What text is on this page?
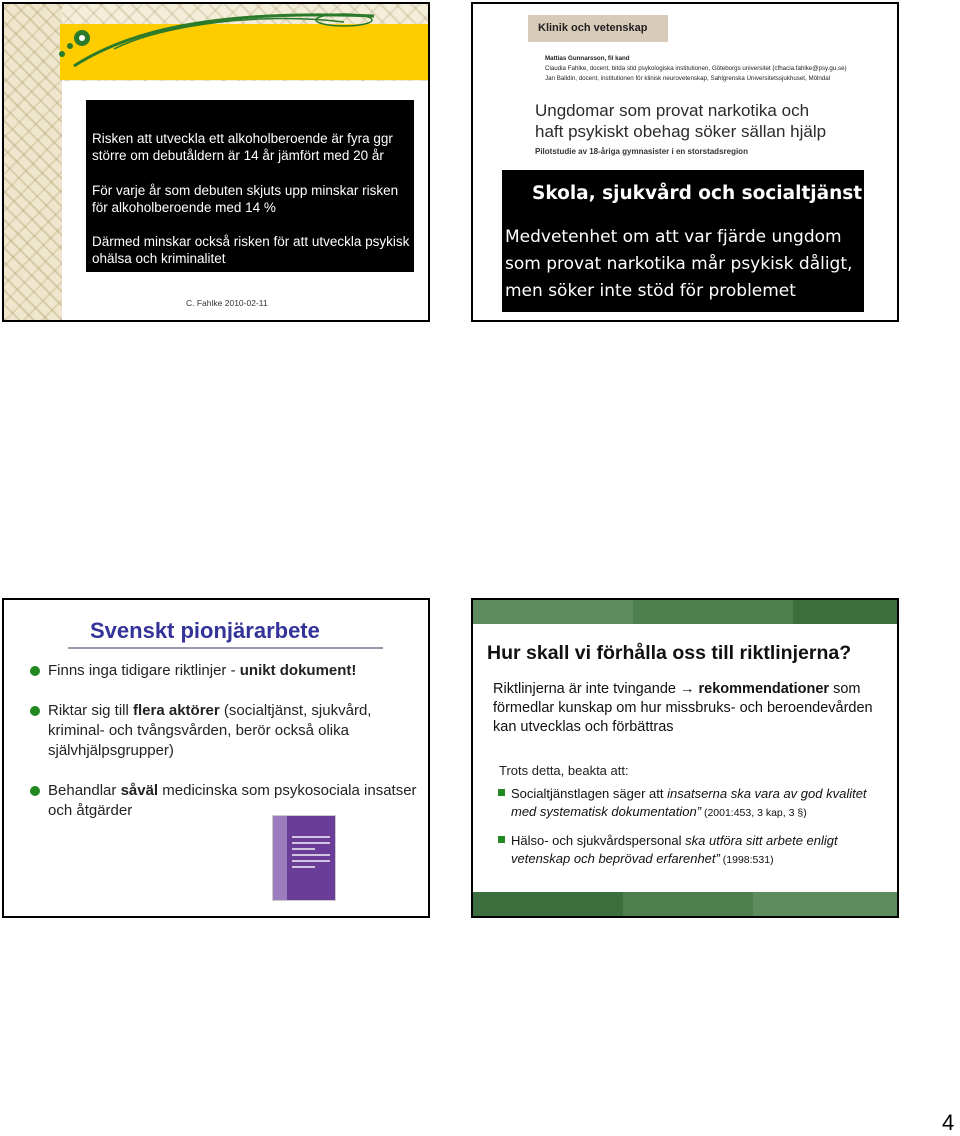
Risken att utveckla ett alkoholberoende är fyra ggr större om debutåldern är 14 år jämfört med 20 år
För varje år som debuten skjuts upp minskar risken för alkoholberoende med 14 %
Därmed minskar också risken för att utveckla psykisk ohälsa och kriminalitet
C. Fahlke 2010-02-11
Klinik och vetenskap
Mattias Gunnarsson, fil kand
Claudia Fahlke, docent, bitda stid psykologiska institutionen, Göteborgs universitet (cfhacia.fahlke@psy.gu.se)
Jan Balldin, docent, institutionen för klinisk neurovetenskap, Sahlgrenska Universitetssjukhuset, Mölndal
Ungdomar som provat narkotika och haft psykiskt obehag söker sällan hjälp
Pilotstudie av 18-åriga gymnasister i en storstadsregion
Skola, sjukvård och socialtjänst
Medvetenhet om att var fjärde ungdom som provat narkotika mår psykisk dåligt, men söker inte stöd för problemet
Svenskt pionjärarbete
Finns inga tidigare riktlinjer - unikt dokument!
Riktar sig till flera aktörer (socialtjänst, sjukvård, kriminal- och tvångsvården, berör också olika självhjälpsgrupper)
Behandlar såväl medicinska som psykosociala insatser och åtgärder
Hur skall vi förhålla oss till riktlinjerna?
Riktlinjerna är inte tvingande → rekommendationer som förmedlar kunskap om hur missbruks- och beroendevården kan utvecklas och förbättras
Trots detta, beakta att:
Socialtjänstlagen säger att insatserna ska vara av god kvalitet med systematisk dokumentation” (2001:453, 3 kap, 3 §)
Hälso- och sjukvårdspersonal ska utföra sitt arbete enligt vetenskap och beprövad erfarenhet” (1998:531)
4
